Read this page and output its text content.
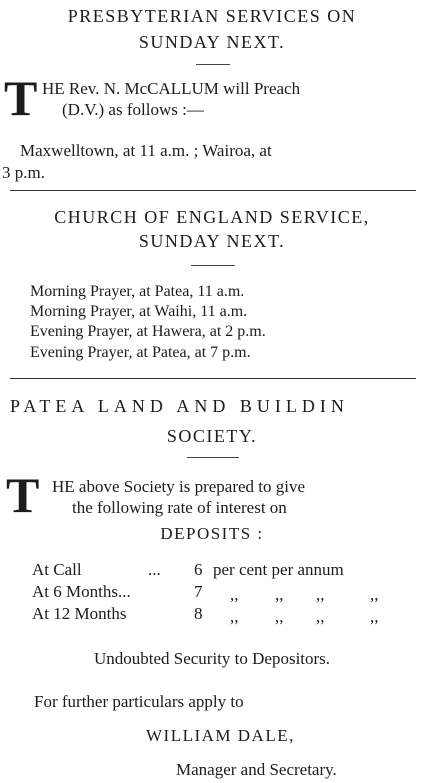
PRESBYTERIAN SERVICES ON
SUNDAY NEXT.
T HE Rev. N. McCALLUM will Preach
(D.V.) as follows :—
Maxwelltown, at 11 a.m. ; Wairoa, at
3 p.m.
CHURCH OF ENGLAND SERVICE,
SUNDAY NEXT.
Morning Prayer, at Patea, 11 a.m.
Morning Prayer, at Waihi, 11 a.m.
Evening Prayer, at Hawera, at 2 p.m.
Evening Prayer, at Patea, at 7 p.m.
PATEA LAND AND BUILDIN
SOCIETY.
T HE above Society is prepared to give
the following rate of interest on
DEPOSITS :
At Call	... 6 per cent per annum
At 6 Months...	7 ,, ,, ,,	,,
At 12 Months	8 ,, ,, ,,	,,
Undoubted Security to Depositors.
For further particulars apply to
WILLIAM DALE,
Manager and Secretary.
